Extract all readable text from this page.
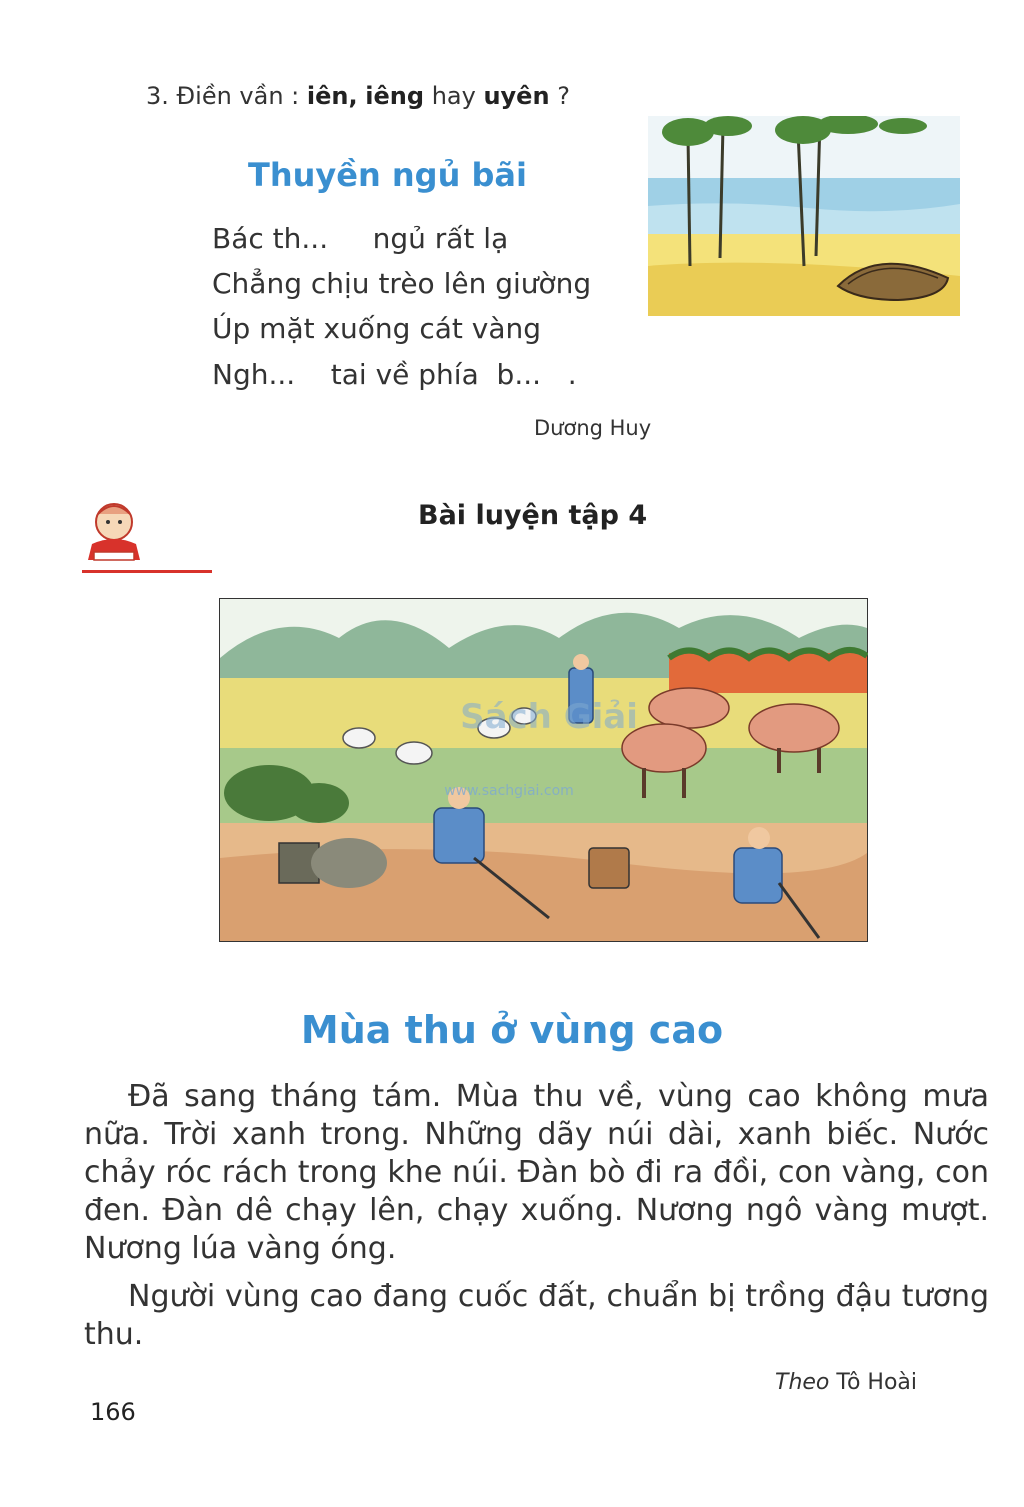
3. Điền vần : iên, iêng hay uyên ?
Thuyền ngủ bãi
Bác th...     ngủ rất lạ
Chẳng chịu trèo lên giường
Úp mặt xuống cát vàng
Ngh...    tai về phía  b...   .
Dương Huy
Bài luyện tập 4
Sách Giải
www.sachgiai.com
Mùa thu ở vùng cao
Đã sang tháng tám. Mùa thu về, vùng cao không mưa nữa. Trời xanh trong. Những dãy núi dài, xanh biếc. Nước chảy róc rách trong khe núi. Đàn bò đi ra đồi, con vàng, con đen. Đàn dê chạy lên, chạy xuống. Nương ngô vàng mượt. Nương lúa vàng óng.
Người vùng cao đang cuốc đất, chuẩn bị trồng đậu tương thu.
Theo Tô Hoài
166
